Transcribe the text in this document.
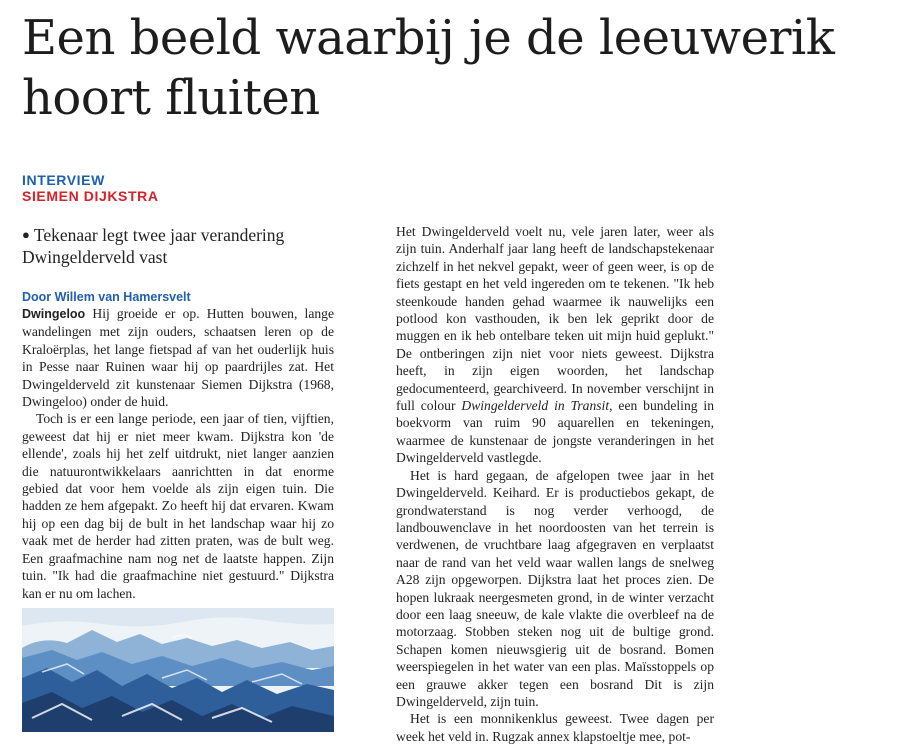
Een beeld waarbij je de leeuwerik hoort fluiten
INTERVIEW
SIEMEN DIJKSTRA
● Tekenaar legt twee jaar verandering Dwingelderveld vast
Door Willem van Hamersvelt

Dwingeloo Hij groeide er op. Hutten bouwen, lange wandelingen met zijn ouders, schaatsen leren op de Kraloërplas, het lange fietspad af van het ouderlijk huis in Pesse naar Ruinen waar hij op paardrijles zat. Het Dwingelderveld zit kunstenaar Siemen Dijkstra (1968, Dwingeloo) onder de huid.

Toch is er een lange periode, een jaar of tien, vijftien, geweest dat hij er niet meer kwam. Dijkstra kon 'de ellende', zoals hij het zelf uitdrukt, niet langer aanzien die natuurontwikkelaars aanrichtten in dat enorme gebied dat voor hem voelde als zijn eigen tuin. Die hadden ze hem afgepakt. Zo heeft hij dat ervaren. Kwam hij op een dag bij de bult in het landschap waar hij zo vaak met de herder had zitten praten, was de bult weg. Een graafmachine nam nog net de laatste happen. Zijn tuin. "Ik had die graafmachine niet gestuurd." Dijkstra kan er nu om lachen.

Het Dwingelderveld voelt nu, vele jaren later, weer als zijn tuin. Anderhalf jaar lang heeft de landschapstekenaar zichzelf in het nekvel gepakt, weer of geen weer, is op de fiets gestapt en het veld ingereden om te tekenen. "Ik heb steenkoude handen gehad waarmee ik nauwelijks een potlood kon vasthouden, ik ben lek geprikt door de muggen en ik heb ontelbare teken uit mijn huid geplukt." De ontberingen zijn niet voor niets geweest. Dijkstra heeft, in zijn eigen woorden, het landschap gedocumenteerd, gearchiveerd. In november verschijnt in full colour Dwingelderveld in Transit, een bundeling in boekvorm van ruim 90 aquarellen en tekeningen, waarmee de kunstenaar de jongste veranderingen in het Dwingelderveld vastlegde.

Het is hard gegaan, de afgelopen twee jaar in het Dwingelderveld. Keihard. Er is productiebos gekapt, de grondwaterstand is nog verder verhoogd, de landbouwenclave in het noordoosten van het terrein is verdwenen, de vruchtbare laag afgegraven en verplaatst naar de rand van het veld waar wallen langs de snelweg A28 zijn opgeworpen. Dijkstra laat het proces zien. De hopen lukraak neergesmeten grond, in de winter verzacht door een laag sneeuw, de kale vlakte die overbleef na de motorzaag. Stobben steken nog uit de bultige grond. Schapen komen nieuwsgierig uit de bosrand. Bomen weerspiegelen in het water van een plas. Maïsstoppels op een grauwe akker tegen een bosrand Dit is zijn Dwingelderveld, zijn tuin.

Het is een monnikenklus geweest. Twee dagen per week het veld in. Rugzak annex klapstoeltje mee, pot-
